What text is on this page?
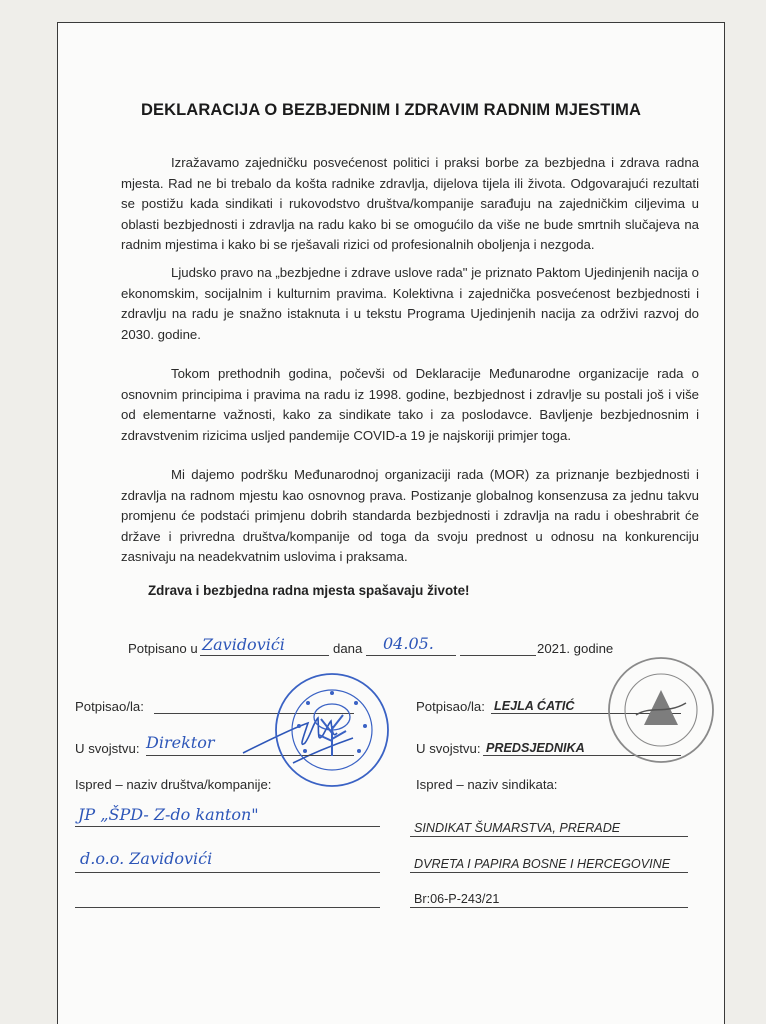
DEKLARACIJA O BEZBJEDNIM I ZDRAVIM RADNIM MJESTIMA

Izražavamo zajedničku posvećenost politici i praksi borbe za bezbjedna i zdrava radna mjesta. Rad ne bi trebalo da košta radnike zdravlja, dijelova tijela ili života. Odgovarajući rezultati se postižu kada sindikati i rukovodstvo društva/kompanije sarađuju na zajedničkim ciljevima u oblasti bezbjednosti i zdravlja na radu kako bi se omogućilo da više ne bude smrtnih slučajeva na radnim mjestima i kako bi se rješavali rizici od profesionalnih oboljenja i nezgoda.

Ljudsko pravo na „bezbjedne i zdrave uslove rada" je priznato Paktom Ujedinjenih nacija o ekonomskim, socijalnim i kulturnim pravima. Kolektivna i zajednička posvećenost bezbjednosti i zdravlju na radu je snažno istaknuta i u tekstu Programa Ujedinjenih nacija za održivi razvoj do 2030. godine.

Tokom prethodnih godina, počevši od Deklaracije Međunarodne organizacije rada o osnovnim principima i pravima na radu iz 1998. godine, bezbjednost i zdravlje su postali još i više od elementarne važnosti, kako za sindikate tako i za poslodavce. Bavljenje bezbjednosnim i zdravstvenim rizicima usljed pandemije COVID-a 19 je najskoriji primjer toga.

Mi dajemo podršku Međunarodnoj organizaciji rada (MOR) za priznanje bezbjednosti i zdravlja na radnom mjestu kao osnovnog prava. Postizanje globalnog konsenzusa za jednu takvu promjenu će podstaći primjenu dobrih standarda bezbjednosti i zdravlja na radu i obeshrabrit će države i privredna društva/kompanije od toga da svoju prednost u odnosu na konkurenciju zasnivaju na neadekvatnim uslovima i praksama.

Zdrava i bezbjedna radna mjesta spašavaju živote!
Potpisano u Zavidovići	dana 04.05.	2021. godine
Potpisao/la:
U svojstvu: Direktor
Ispred – naziv društva/kompanije:
JP „ŠPD- Z-do kanton"
d.o.o. Zavidovići
Potpisao/la: LEJLA ĆATIĆ
U svojstvu: PREDSJEDNIKA
Ispred – naziv sindikata:
SINDIKAT ŠUMARSTVA, PRERADE
DVRETA I PAPIRA BOSNE I HERCEGOVINE
Br:06-P-243/21
